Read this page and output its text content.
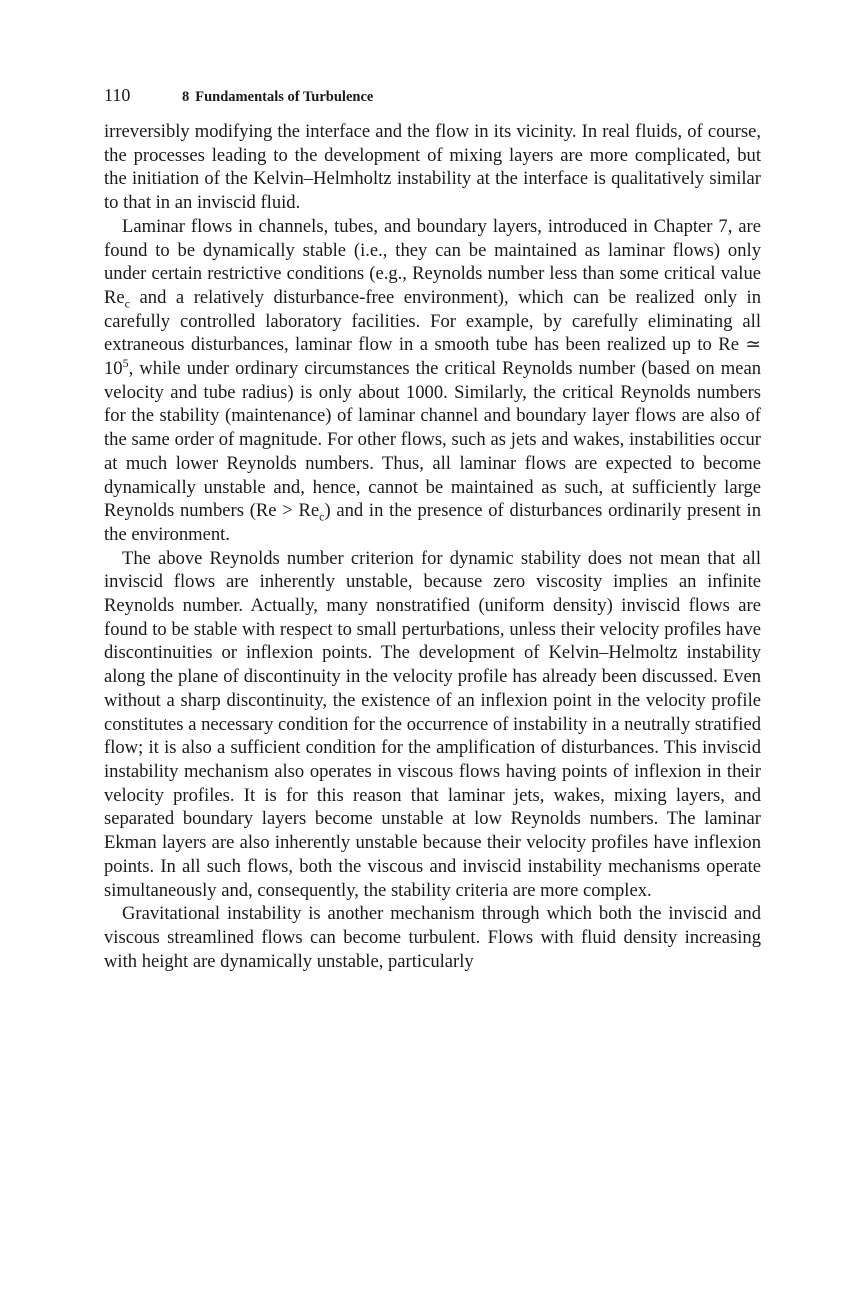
110	8 Fundamentals of Turbulence

irreversibly modifying the interface and the flow in its vicinity. In real fluids, of course, the processes leading to the development of mixing layers are more complicated, but the initiation of the Kelvin–Helmholtz instability at the interface is qualitatively similar to that in an inviscid fluid.

Laminar flows in channels, tubes, and boundary layers, introduced in Chapter 7, are found to be dynamically stable (i.e., they can be maintained as laminar flows) only under certain restrictive conditions (e.g., Reynolds number less than some critical value $Re_c$ and a relatively disturbance-free environment), which can be realized only in carefully controlled laboratory facilities. For example, by carefully eliminating all extraneous disturbances, laminar flow in a smooth tube has been realized up to Re ≃ $10^5$, while under ordinary circumstances the critical Reynolds number (based on mean velocity and tube radius) is only about 1000. Similarly, the critical Reynolds numbers for the stability (maintenance) of laminar channel and boundary layer flows are also of the same order of magnitude. For other flows, such as jets and wakes, instabilities occur at much lower Reynolds numbers. Thus, all laminar flows are expected to become dynamically unstable and, hence, cannot be maintained as such, at sufficiently large Reynolds numbers $(Re > Re_c)$ and in the presence of disturbances ordinarily present in the environment.

The above Reynolds number criterion for dynamic stability does not mean that all inviscid flows are inherently unstable, because zero viscosity implies an infinite Reynolds number. Actually, many nonstratified (uniform density) inviscid flows are found to be stable with respect to small perturbations, unless their velocity profiles have discontinuities or inflexion points. The development of Kelvin–Helmoltz instability along the plane of discontinuity in the velocity profile has already been discussed. Even without a sharp discontinuity, the existence of an inflexion point in the velocity profile constitutes a necessary condition for the occurrence of instability in a neutrally stratified flow; it is also a sufficient condition for the amplification of disturbances. This inviscid instability mechanism also operates in viscous flows having points of inflexion in their velocity profiles. It is for this reason that laminar jets, wakes, mixing layers, and separated boundary layers become unstable at low Reynolds numbers. The laminar Ekman layers are also inherently unstable because their velocity profiles have inflexion points. In all such flows, both the viscous and inviscid instability mechanisms operate simultaneously and, consequently, the stability criteria are more complex.

Gravitational instability is another mechanism through which both the inviscid and viscous streamlined flows can become turbulent. Flows with fluid density increasing with height are dynamically unstable, particularly
